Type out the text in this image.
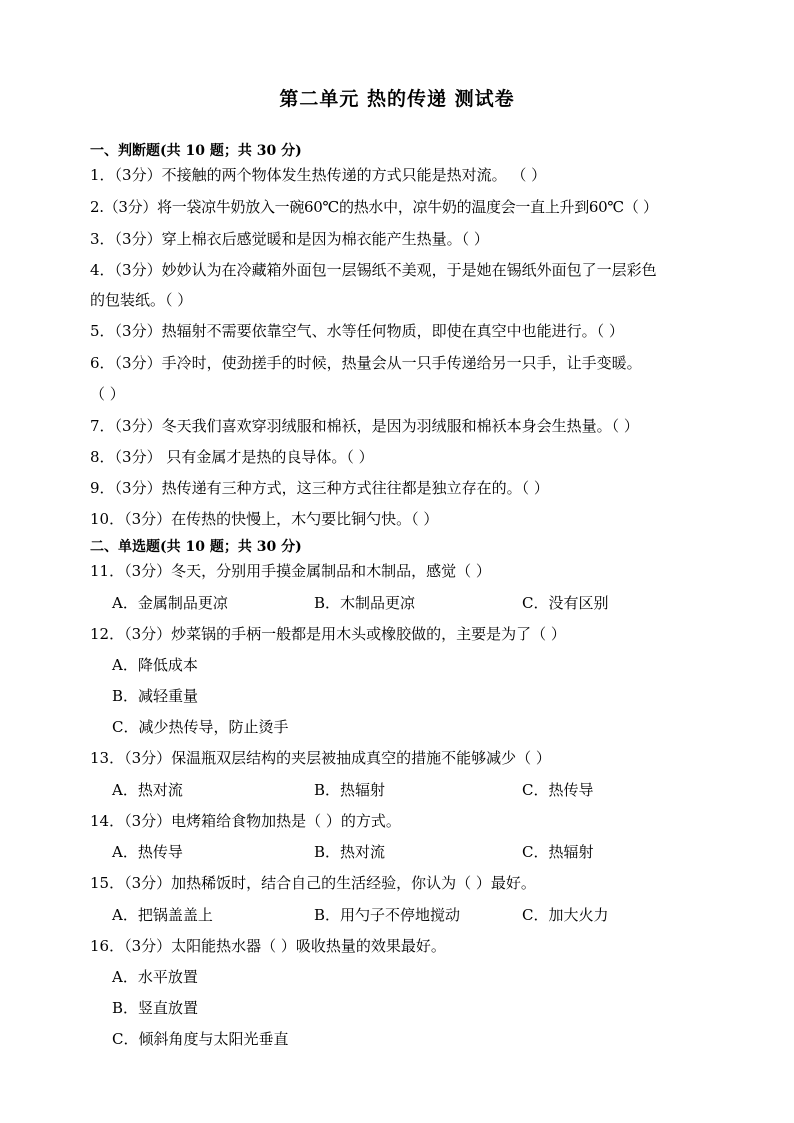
第二单元 热的传递 测试卷
一、判断题(共 10 题；共 30 分)
1．（3分）不接触的两个物体发生热传递的方式只能是热对流。 （ ）
2.（3分）将一袋凉牛奶放入一碗60℃的热水中，凉牛奶的温度会一直上升到60℃（ ）
3．（3分）穿上棉衣后感觉暖和是因为棉衣能产生热量。（ ）
4．（3分）妙妙认为在冷藏箱外面包一层锡纸不美观，于是她在锡纸外面包了一层彩色
的包装纸。（ ）
5．（3分）热辐射不需要依靠空气、水等任何物质，即使在真空中也能进行。（ ）
6．（3分）手冷时，使劲搓手的时候，热量会从一只手传递给另一只手，让手变暖。
（ ）
7．（3分）冬天我们喜欢穿羽绒服和棉袄，是因为羽绒服和棉袄本身会生热量。（ ）
8．（3分） 只有金属才是热的良导体。（ ）
9．（3分）热传递有三种方式，这三种方式往往都是独立存在的。（ ）
10．（3分）在传热的快慢上，木勺要比铜勺快。（ ）
二、单选题(共 10 题；共 30 分)
11．（3分）冬天，分别用手摸金属制品和木制品，感觉（ ）
A．金属制品更凉	B．木制品更凉	C．没有区别
12．（3分）炒菜锅的手柄一般都是用木头或橡胶做的，主要是为了（ ）
A．降低成本
B．减轻重量
C．减少热传导，防止烫手
13．（3分）保温瓶双层结构的夹层被抽成真空的措施不能够减少（ ）
A．热对流	B．热辐射	C．热传导
14．（3分）电烤箱给食物加热是（ ）的方式。
A．热传导	B．热对流	C．热辐射
15．（3分）加热稀饭时，结合自己的生活经验，你认为（ ）最好。
A．把锅盖盖上	B．用勺子不停地搅动	C．加大火力
16．（3分）太阳能热水器（ ）吸收热量的效果最好。
A．水平放置
B．竖直放置
C．倾斜角度与太阳光垂直
